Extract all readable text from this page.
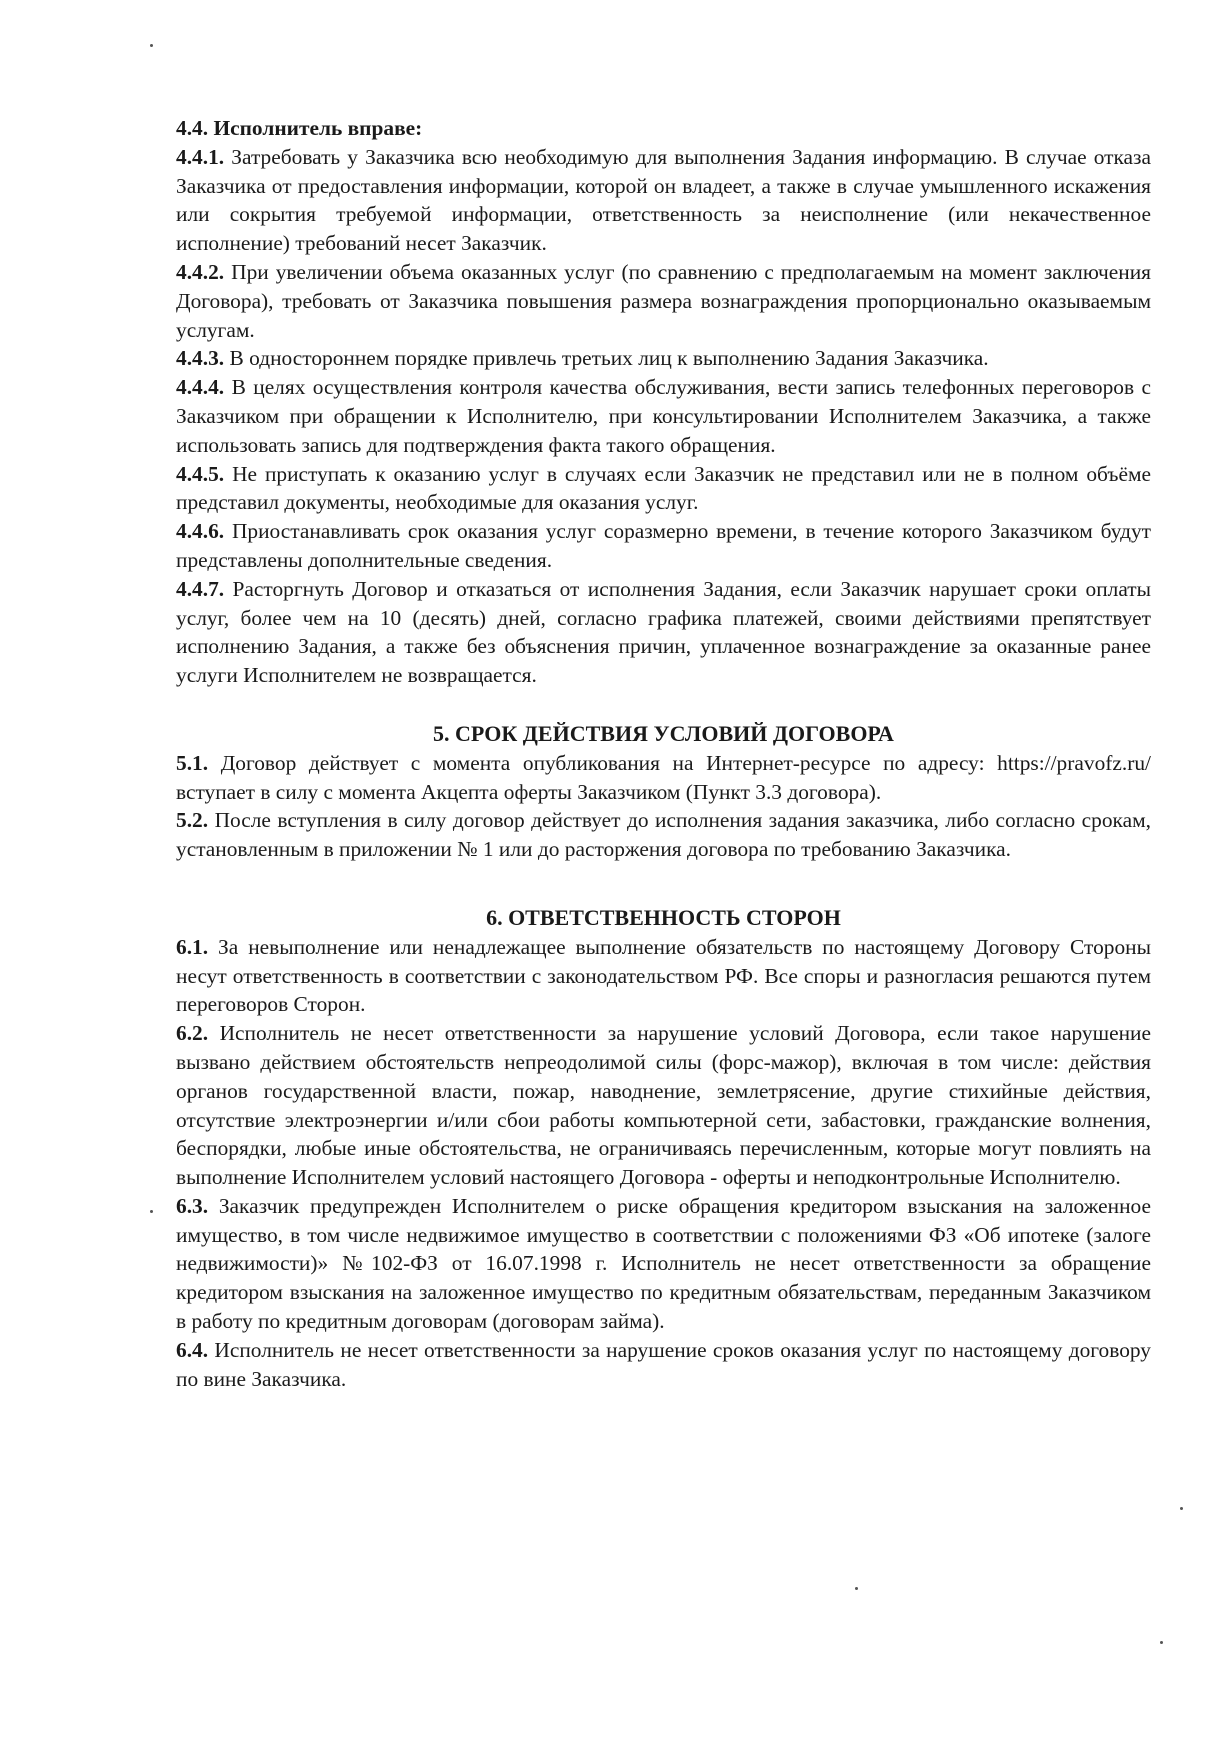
4.4. Исполнитель вправе:

4.4.1. Затребовать у Заказчика всю необходимую для выполнения Задания информацию. В случае отказа Заказчика от предоставления информации, которой он владеет, а также в случае умышленного искажения или сокрытия требуемой информации, ответственность за неисполнение (или некачественное исполнение) требований несет Заказчик.

4.4.2. При увеличении объема оказанных услуг (по сравнению с предполагаемым на момент заключения Договора), требовать от Заказчика повышения размера вознаграждения пропорционально оказываемым услугам.

4.4.3. В одностороннем порядке привлечь третьих лиц к выполнению Задания Заказчика.

4.4.4. В целях осуществления контроля качества обслуживания, вести запись телефонных переговоров с Заказчиком при обращении к Исполнителю, при консультировании Исполнителем Заказчика, а также использовать запись для подтверждения факта такого обращения.

4.4.5. Не приступать к оказанию услуг в случаях если Заказчик не представил или не в полном объёме представил документы, необходимые для оказания услуг.

4.4.6. Приостанавливать срок оказания услуг соразмерно времени, в течение которого Заказчиком будут представлены дополнительные сведения.

4.4.7. Расторгнуть Договор и отказаться от исполнения Задания, если Заказчик нарушает сроки оплаты услуг, более чем на 10 (десять) дней, согласно графика платежей, своими действиями препятствует исполнению Задания, а также без объяснения причин, уплаченное вознаграждение за оказанные ранее услуги Исполнителем не возвращается.

5. СРОК ДЕЙСТВИЯ УСЛОВИЙ ДОГОВОРА

5.1. Договор действует с момента опубликования на Интернет-ресурсе по адресу: https://pravofz.ru/ вступает в силу с момента Акцепта оферты Заказчиком (Пункт 3.3 договора).

5.2. После вступления в силу договор действует до исполнения задания заказчика, либо согласно срокам, установленным в приложении № 1 или до расторжения договора по требованию Заказчика.

6. ОТВЕТСТВЕННОСТЬ СТОРОН

6.1. За невыполнение или ненадлежащее выполнение обязательств по настоящему Договору Стороны несут ответственность в соответствии с законодательством РФ. Все споры и разногласия решаются путем переговоров Сторон.

6.2. Исполнитель не несет ответственности за нарушение условий Договора, если такое нарушение вызвано действием обстоятельств непреодолимой силы (форс-мажор), включая в том числе: действия органов государственной власти, пожар, наводнение, землетрясение, другие стихийные действия, отсутствие электроэнергии и/или сбои работы компьютерной сети, забастовки, гражданские волнения, беспорядки, любые иные обстоятельства, не ограничиваясь перечисленным, которые могут повлиять на выполнение Исполнителем условий настоящего Договора - оферты и неподконтрольные Исполнителю.

6.3. Заказчик предупрежден Исполнителем о риске обращения кредитором взыскания на заложенное имущество, в том числе недвижимое имущество в соответствии с положениями ФЗ «Об ипотеке (залоге недвижимости)» №102-ФЗ от 16.07.1998 г. Исполнитель не несет ответственности за обращение кредитором взыскания на заложенное имущество по кредитным обязательствам, переданным Заказчиком в работу по кредитным договорам (договорам займа).

6.4. Исполнитель не несет ответственности за нарушение сроков оказания услуг по настоящему договору по вине Заказчика.
